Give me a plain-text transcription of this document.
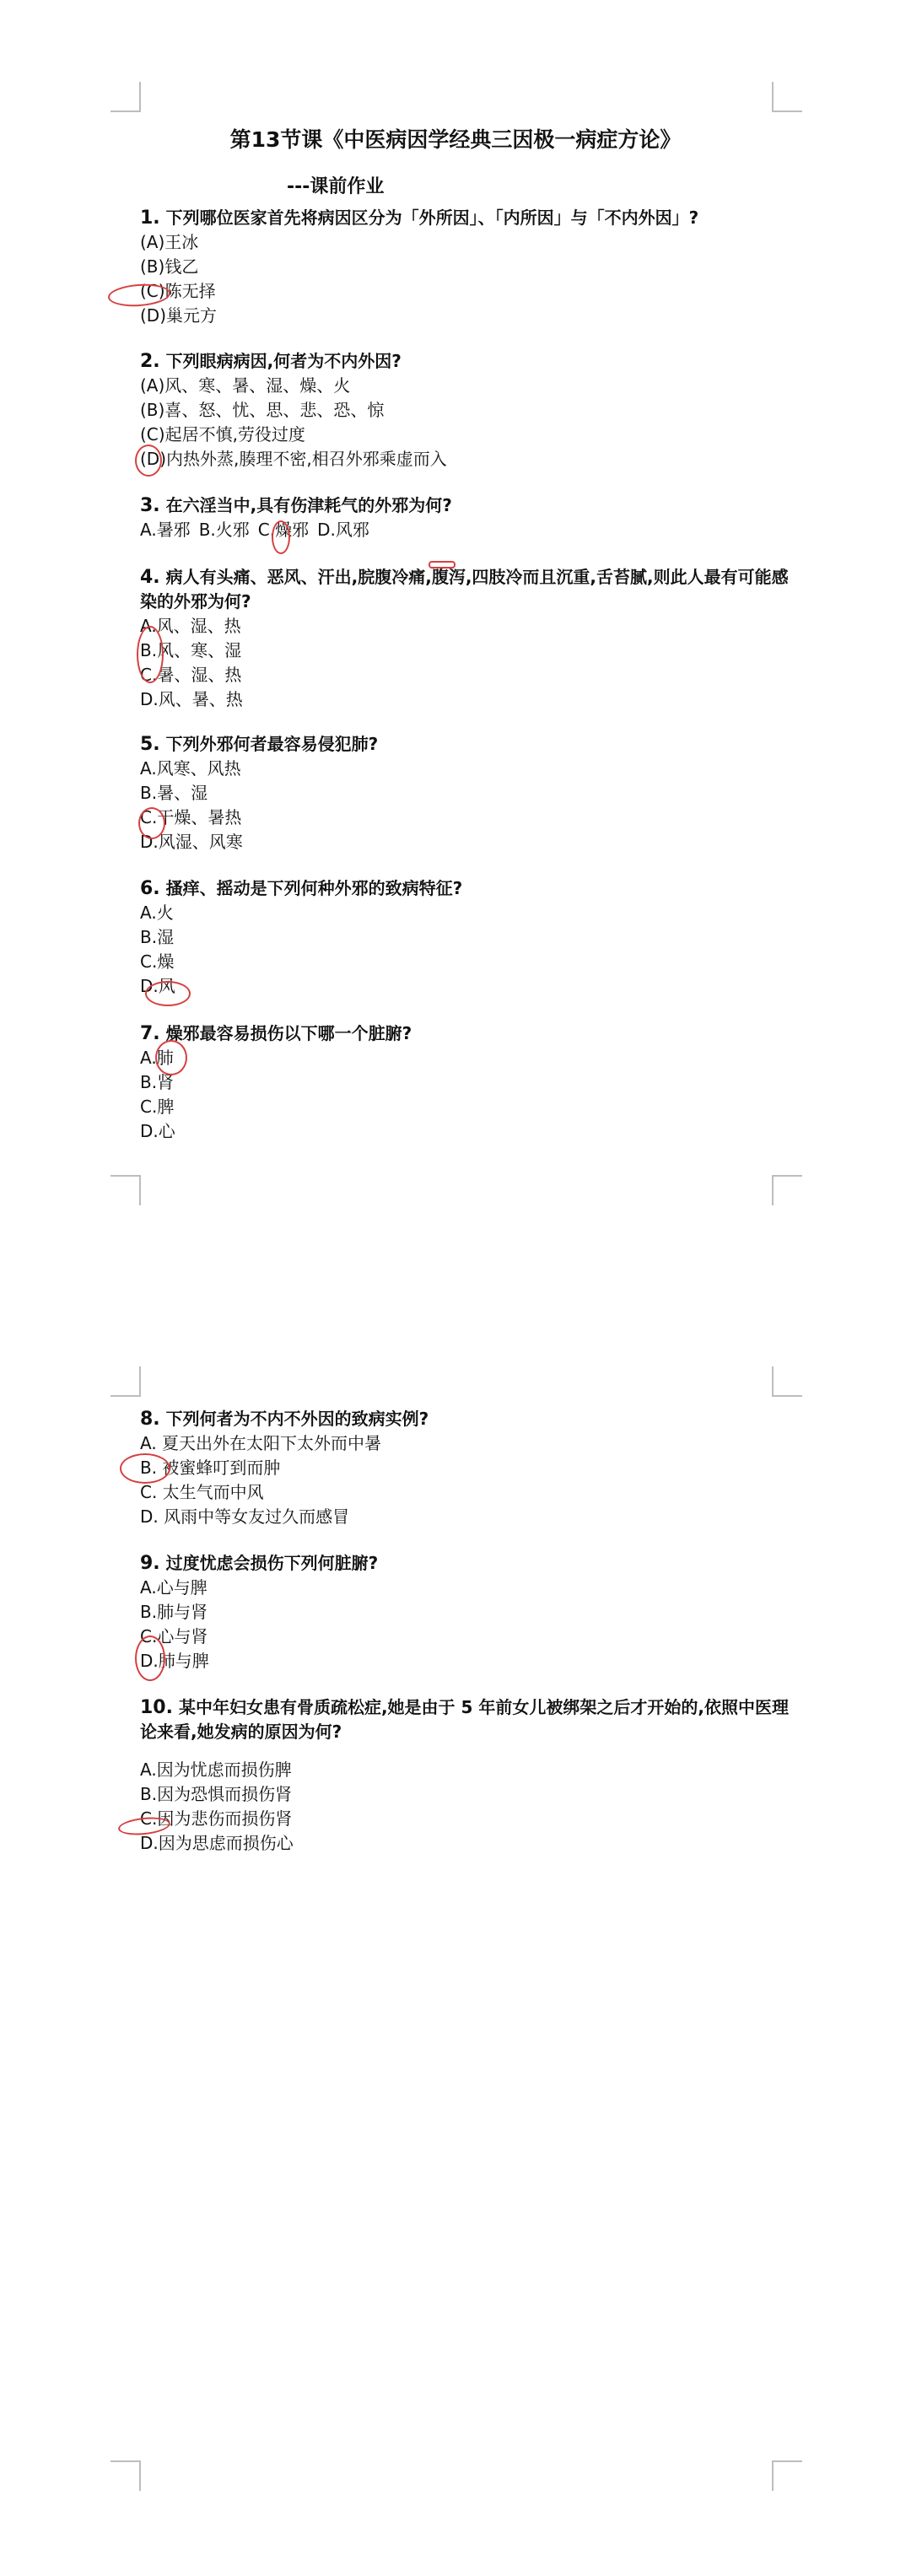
第13节课《中医病因学经典三因极一病症方论》
---课前作业
1. 下列哪位医家首先将病因区分为「外所因」、「内所因」与「不内外因」?
(A)王冰
(B)钱乙
(C)陈无择
(D)巢元方
2. 下列眼病病因,何者为不内外因?
(A)风、寒、暑、湿、燥、火
(B)喜、怒、忧、思、悲、恐、惊
(C)起居不慎,劳役过度
(D)内热外蒸,腠理不密,相召外邪乘虚而入
3. 在六淫当中,具有伤津耗气的外邪为何?
A.暑邪 B.火邪 C.燥邪 D.风邪
4. 病人有头痛、恶风、汗出,脘腹冷痛,腹泻,四肢冷而且沉重,舌苔腻,则此人最有可能感染的外邪为何?
A.风、湿、热
B.风、寒、湿
C.暑、湿、热
D.风、暑、热
5. 下列外邪何者最容易侵犯肺?
A.风寒、风热
B.暑、湿
C.干燥、暑热
D.风湿、风寒
6. 搔痒、摇动是下列何种外邪的致病特征?
A.火
B.湿
C.燥
D.风
7. 燥邪最容易损伤以下哪一个脏腑?
A.肺
B.肾
C.脾
D.心
8. 下列何者为不内不外因的致病实例?
A. 夏天出外在太阳下太外而中暑
B. 被蜜蜂叮到而肿
C. 太生气而中风
D. 风雨中等女友过久而感冒
9. 过度忧虑会损伤下列何脏腑?
A.心与脾
B.肺与肾
C.心与肾
D.肺与脾
10. 某中年妇女患有骨质疏松症,她是由于 5 年前女儿被绑架之后才开始的,依照中医理论来看,她发病的原因为何?
A.因为忧虑而损伤脾
B.因为恐惧而损伤肾
C.因为悲伤而损伤肾
D.因为思虑而损伤心
